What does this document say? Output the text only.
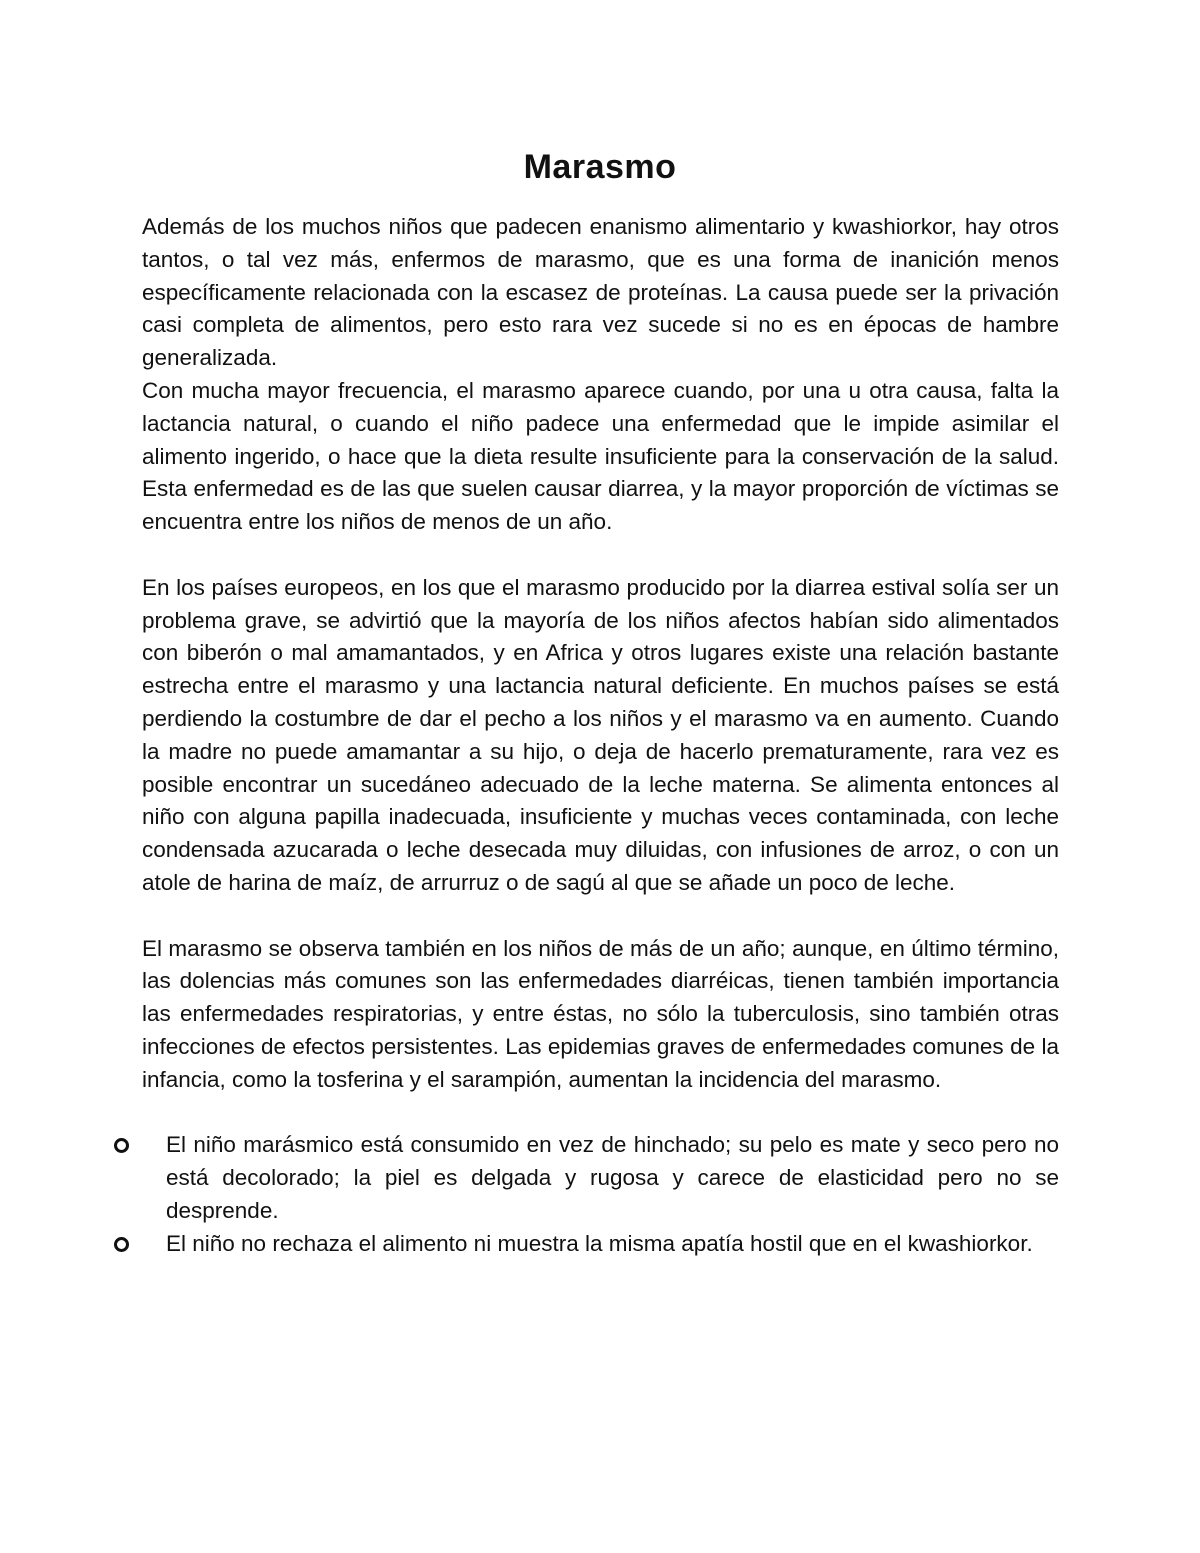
Marasmo

Además de los muchos niños que padecen enanismo alimentario y kwashiorkor, hay otros tantos, o tal vez más, enfermos de marasmo, que es una forma de inanición menos específicamente relacionada con la escasez de proteínas. La causa puede ser la privación casi completa de alimentos, pero esto rara vez sucede si no es en épocas de hambre generalizada.

Con mucha mayor frecuencia, el marasmo aparece cuando, por una u otra causa, falta la lactancia natural, o cuando el niño padece una enfermedad que le impide asimilar el alimento ingerido, o hace que la dieta resulte insuficiente para la conservación de la salud. Esta enfermedad es de las que suelen causar diarrea, y la mayor proporción de víctimas se encuentra entre los niños de menos de un año.

En los países europeos, en los que el marasmo producido por la diarrea estival solía ser un problema grave, se advirtió que la mayoría de los niños afectos habían sido alimentados con biberón o mal amamantados, y en Africa y otros lugares existe una relación bastante estrecha entre el marasmo y una lactancia natural deficiente. En muchos países se está perdiendo la costumbre de dar el pecho a los niños y el marasmo va en aumento. Cuando la madre no puede amamantar a su hijo, o deja de hacerlo prematuramente, rara vez es posible encontrar un sucedáneo adecuado de la leche materna. Se alimenta entonces al niño con alguna papilla inadecuada, insuficiente y muchas veces contaminada, con leche condensada azucarada o leche desecada muy diluidas, con infusiones de arroz, o con un atole de harina de maíz, de arrurruz o de sagú al que se añade un poco de leche.

El marasmo se observa también en los niños de más de un año; aunque, en último término, las dolencias más comunes son las enfermedades diarréicas, tienen también importancia las enfermedades respiratorias, y entre éstas, no sólo la tuberculosis, sino también otras infecciones de efectos persistentes. Las epidemias graves de enfermedades comunes de la infancia, como la tosferina y el sarampión, aumentan la incidencia del marasmo.

El niño marásmico está consumido en vez de hinchado; su pelo es mate y seco pero no está decolorado; la piel es delgada y rugosa y carece de elasticidad pero no se desprende.
El niño no rechaza el alimento ni muestra la misma apatía hostil que en el kwashiorkor.
